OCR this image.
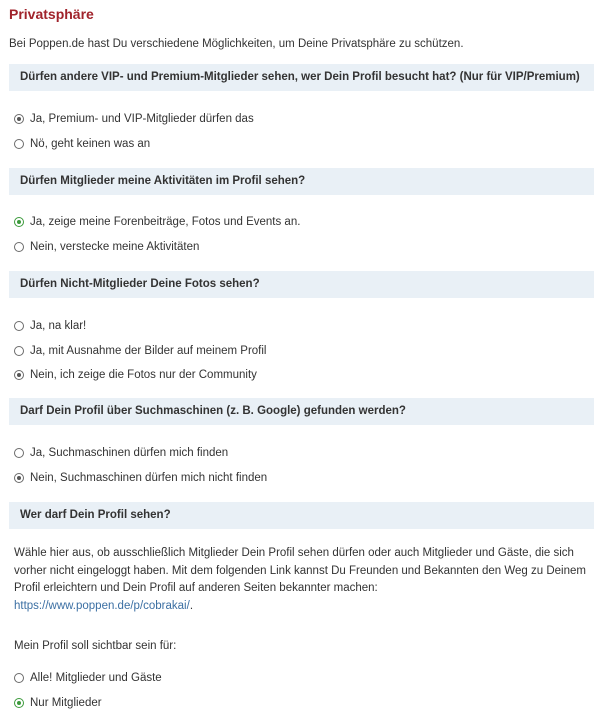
Privatsphäre
Bei Poppen.de hast Du verschiedene Möglichkeiten, um Deine Privatsphäre zu schützen.
Dürfen andere VIP- und Premium-Mitglieder sehen, wer Dein Profil besucht hat? (Nur für VIP/Premium)
Ja, Premium- und VIP-Mitglieder dürfen das
Nö, geht keinen was an
Dürfen Mitglieder meine Aktivitäten im Profil sehen?
Ja, zeige meine Forenbeiträge, Fotos und Events an.
Nein, verstecke meine Aktivitäten
Dürfen Nicht-Mitglieder Deine Fotos sehen?
Ja, na klar!
Ja, mit Ausnahme der Bilder auf meinem Profil
Nein, ich zeige die Fotos nur der Community
Darf Dein Profil über Suchmaschinen (z. B. Google) gefunden werden?
Ja, Suchmaschinen dürfen mich finden
Nein, Suchmaschinen dürfen mich nicht finden
Wer darf Dein Profil sehen?
Wähle hier aus, ob ausschließlich Mitglieder Dein Profil sehen dürfen oder auch Mitglieder und Gäste, die sich vorher nicht eingeloggt haben. Mit dem folgenden Link kannst Du Freunden und Bekannten den Weg zu Deinem Profil erleichtern und Dein Profil auf anderen Seiten bekannter machen:
https://www.poppen.de/p/cobrakai/.
Mein Profil soll sichtbar sein für:
Alle! Mitglieder und Gäste
Nur Mitglieder
